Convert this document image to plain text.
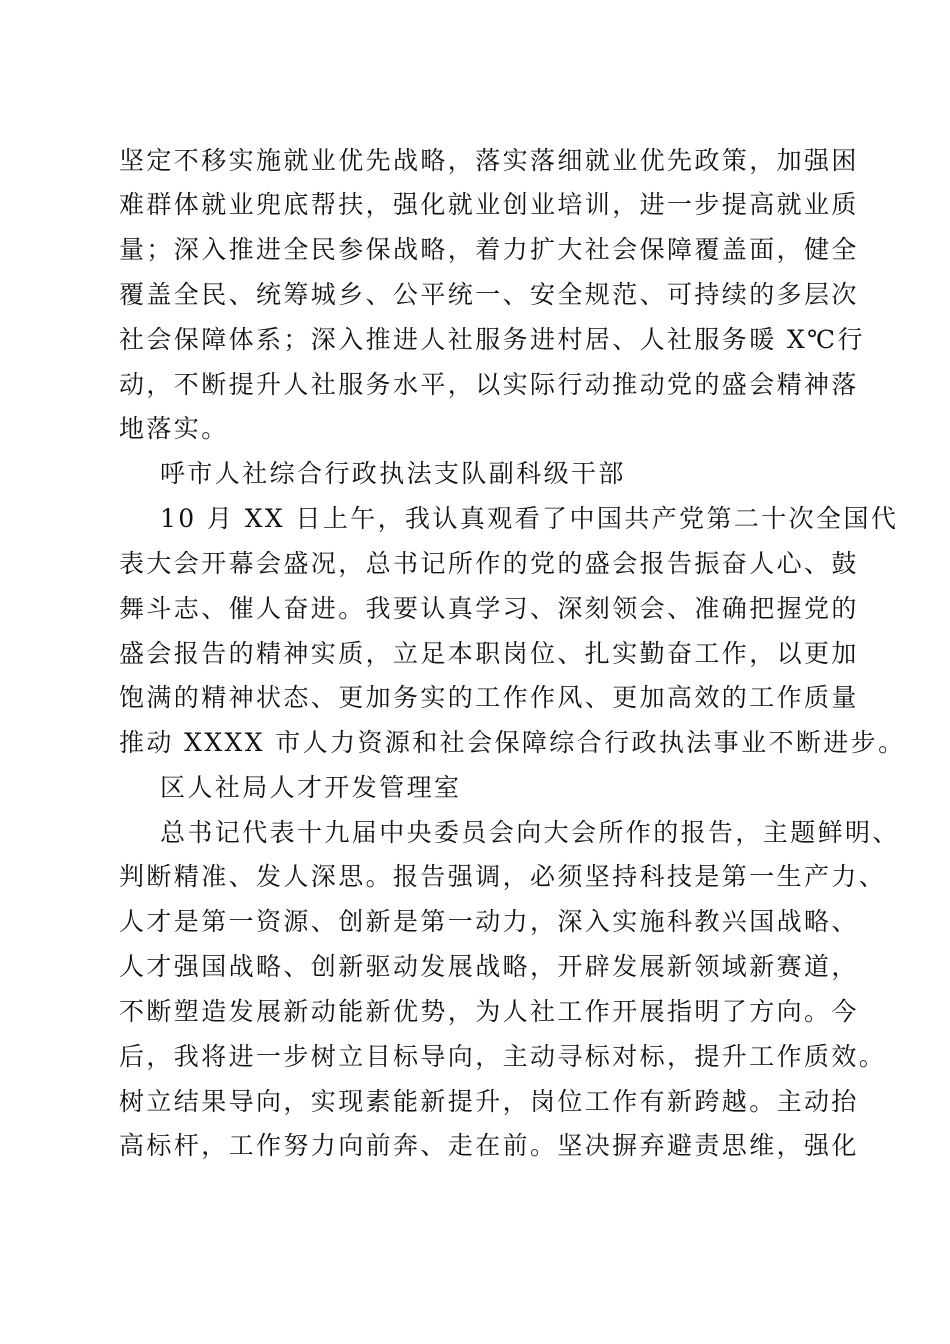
坚定不移实施就业优先战略，落实落细就业优先政策，加强困
难群体就业兜底帮扶，强化就业创业培训，进一步提高就业质
量；深入推进全民参保战略，着力扩大社会保障覆盖面，健全
覆盖全民、统筹城乡、公平统一、安全规范、可持续的多层次
社会保障体系；深入推进人社服务进村居、人社服务暖 X℃行
动，不断提升人社服务水平，以实际行动推动党的盛会精神落
地落实。
呼市人社综合行政执法支队副科级干部
10 月 XX 日上午，我认真观看了中国共产党第二十次全国代
表大会开幕会盛况，总书记所作的党的盛会报告振奋人心、鼓
舞斗志、催人奋进。我要认真学习、深刻领会、准确把握党的
盛会报告的精神实质，立足本职岗位、扎实勤奋工作，以更加
饱满的精神状态、更加务实的工作作风、更加高效的工作质量
推动 XXXX 市人力资源和社会保障综合行政执法事业不断进步。
区人社局人才开发管理室
总书记代表十九届中央委员会向大会所作的报告，主题鲜明、
判断精准、发人深思。报告强调，必须坚持科技是第一生产力、
人才是第一资源、创新是第一动力，深入实施科教兴国战略、
人才强国战略、创新驱动发展战略，开辟发展新领域新赛道，
不断塑造发展新动能新优势，为人社工作开展指明了方向。今
后，我将进一步树立目标导向，主动寻标对标，提升工作质效。
树立结果导向，实现素能新提升，岗位工作有新跨越。主动抬
高标杆，工作努力向前奔、走在前。坚决摒弃避责思维，强化
